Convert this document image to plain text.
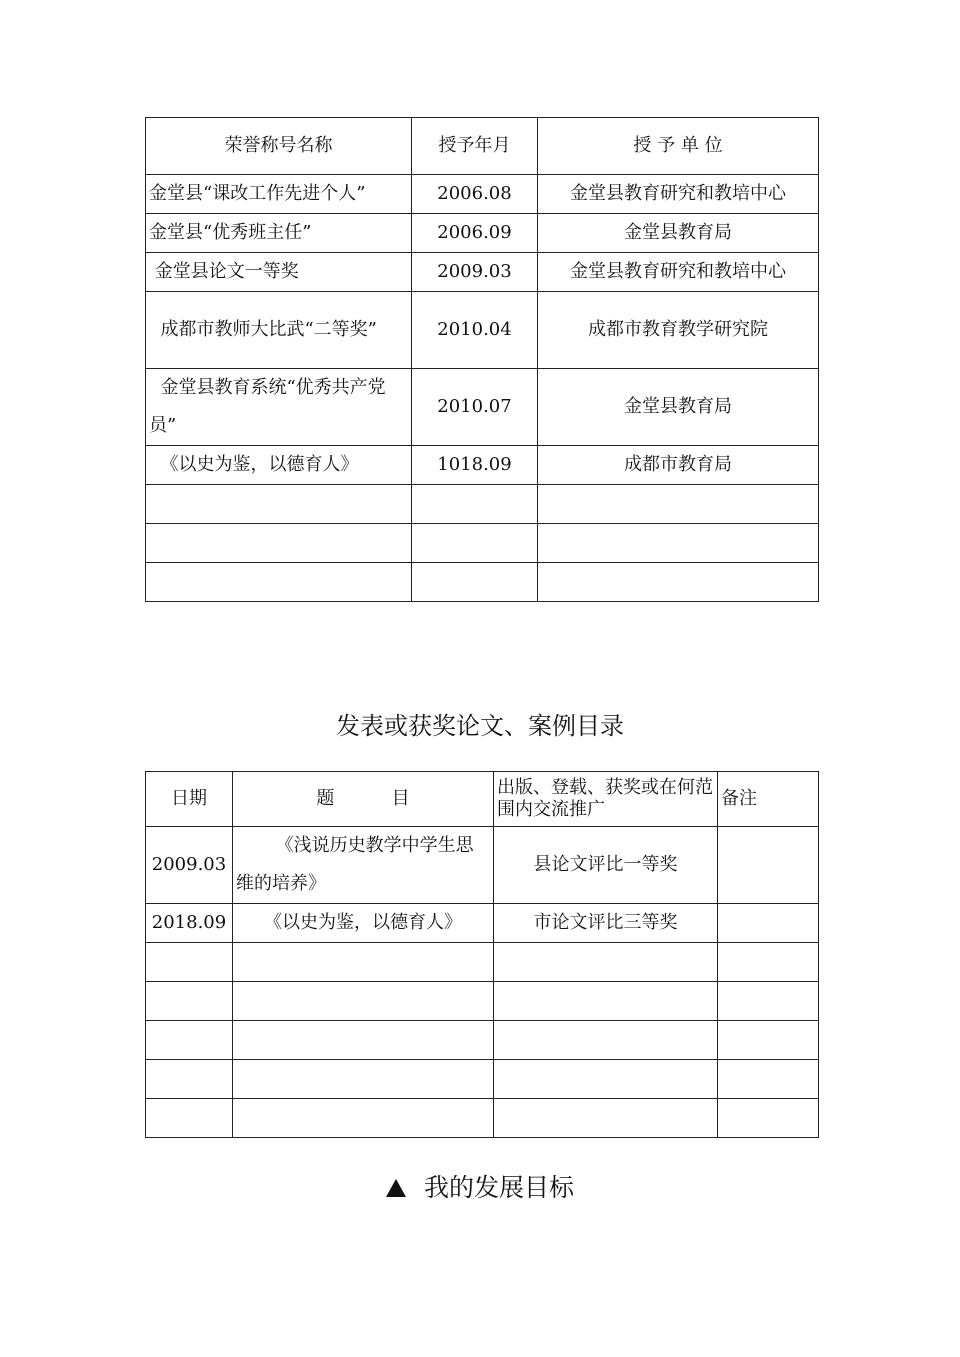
荣誉称号名称	授予年月	授 予 单 位
金堂县“课改工作先进个人”	2006.08	金堂县教育研究和教培中心
金堂县“优秀班主任”	2006.09	金堂县教育局
金堂县论文一等奖	2009.03	金堂县教育研究和教培中心
成都市教师大比武“二等奖”	2010.04	成都市教育教学研究院
金堂县教育系统“优秀共产党员”	2010.07	金堂县教育局
《以史为鉴，以德育人》	1018.09	成都市教育局

发表或获奖论文、案例目录
日期	题          目	出版、登载、获奖或在何范围内交流推广	备注
2009.03	《浅说历史教学中学生思维的培养》	县论文评比一等奖	
2018.09	《以史为鉴，以德育人》	市论文评比三等奖	

我的发展目标
